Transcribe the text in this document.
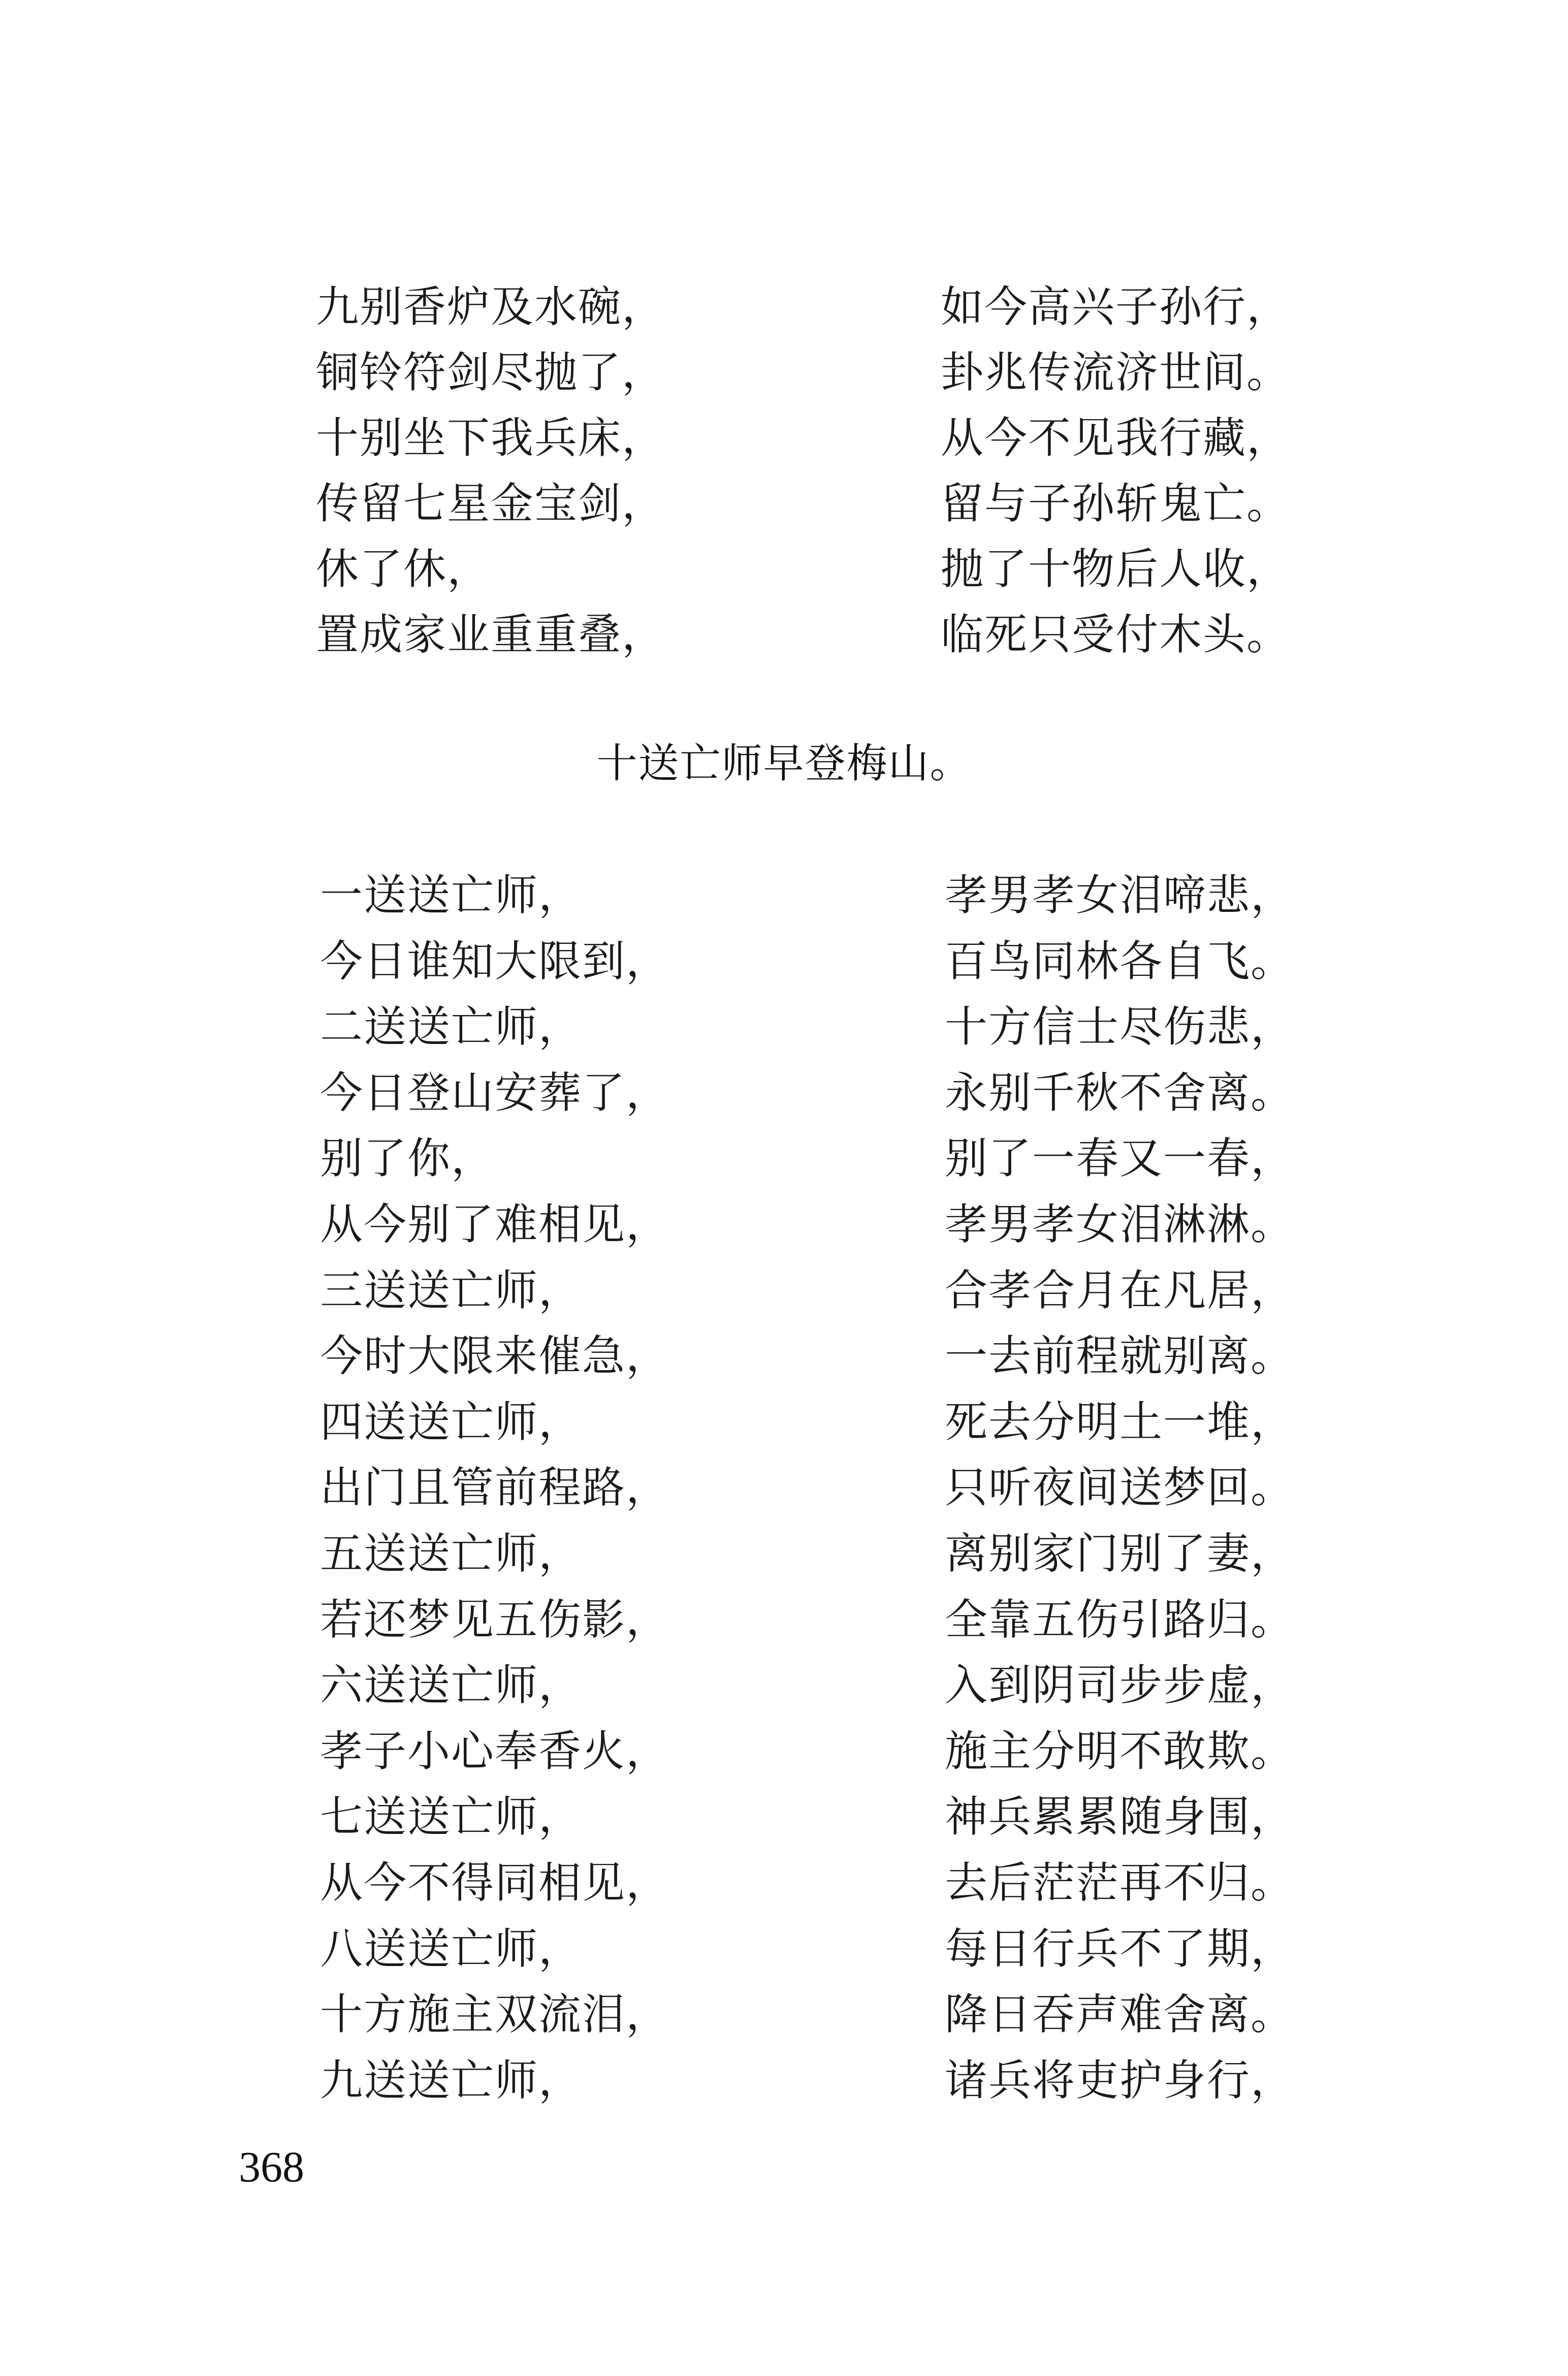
九别香炉及水碗，	如今高兴子孙行，
铜铃符剑尽抛了，	卦兆传流济世间。
十别坐下我兵床，	从今不见我行藏，
传留七星金宝剑，	留与子孙斩鬼亡。
休了休，	抛了十物后人收，
置成家业重重叠，	临死只受付木头。
十送亡师早登梅山。
一送送亡师，	孝男孝女泪啼悲，
今日谁知大限到，	百鸟同林各自飞。
二送送亡师，	十方信士尽伤悲，
今日登山安葬了，	永别千秋不舍离。
别了你，	别了一春又一春，
从今别了难相见，	孝男孝女泪淋淋。
三送送亡师，	合孝合月在凡居，
今时大限来催急，	一去前程就别离。
四送送亡师，	死去分明土一堆，
出门且管前程路，	只听夜间送梦回。
五送送亡师，	离别家门别了妻，
若还梦见五伤影，	全靠五伤引路归。
六送送亡师，	入到阴司步步虚，
孝子小心奉香火，	施主分明不敢欺。
七送送亡师，	神兵累累随身围，
从今不得同相见，	去后茫茫再不归。
八送送亡师，	每日行兵不了期，
十方施主双流泪，	降日吞声难舍离。
九送送亡师，	诸兵将吏护身行，
368
